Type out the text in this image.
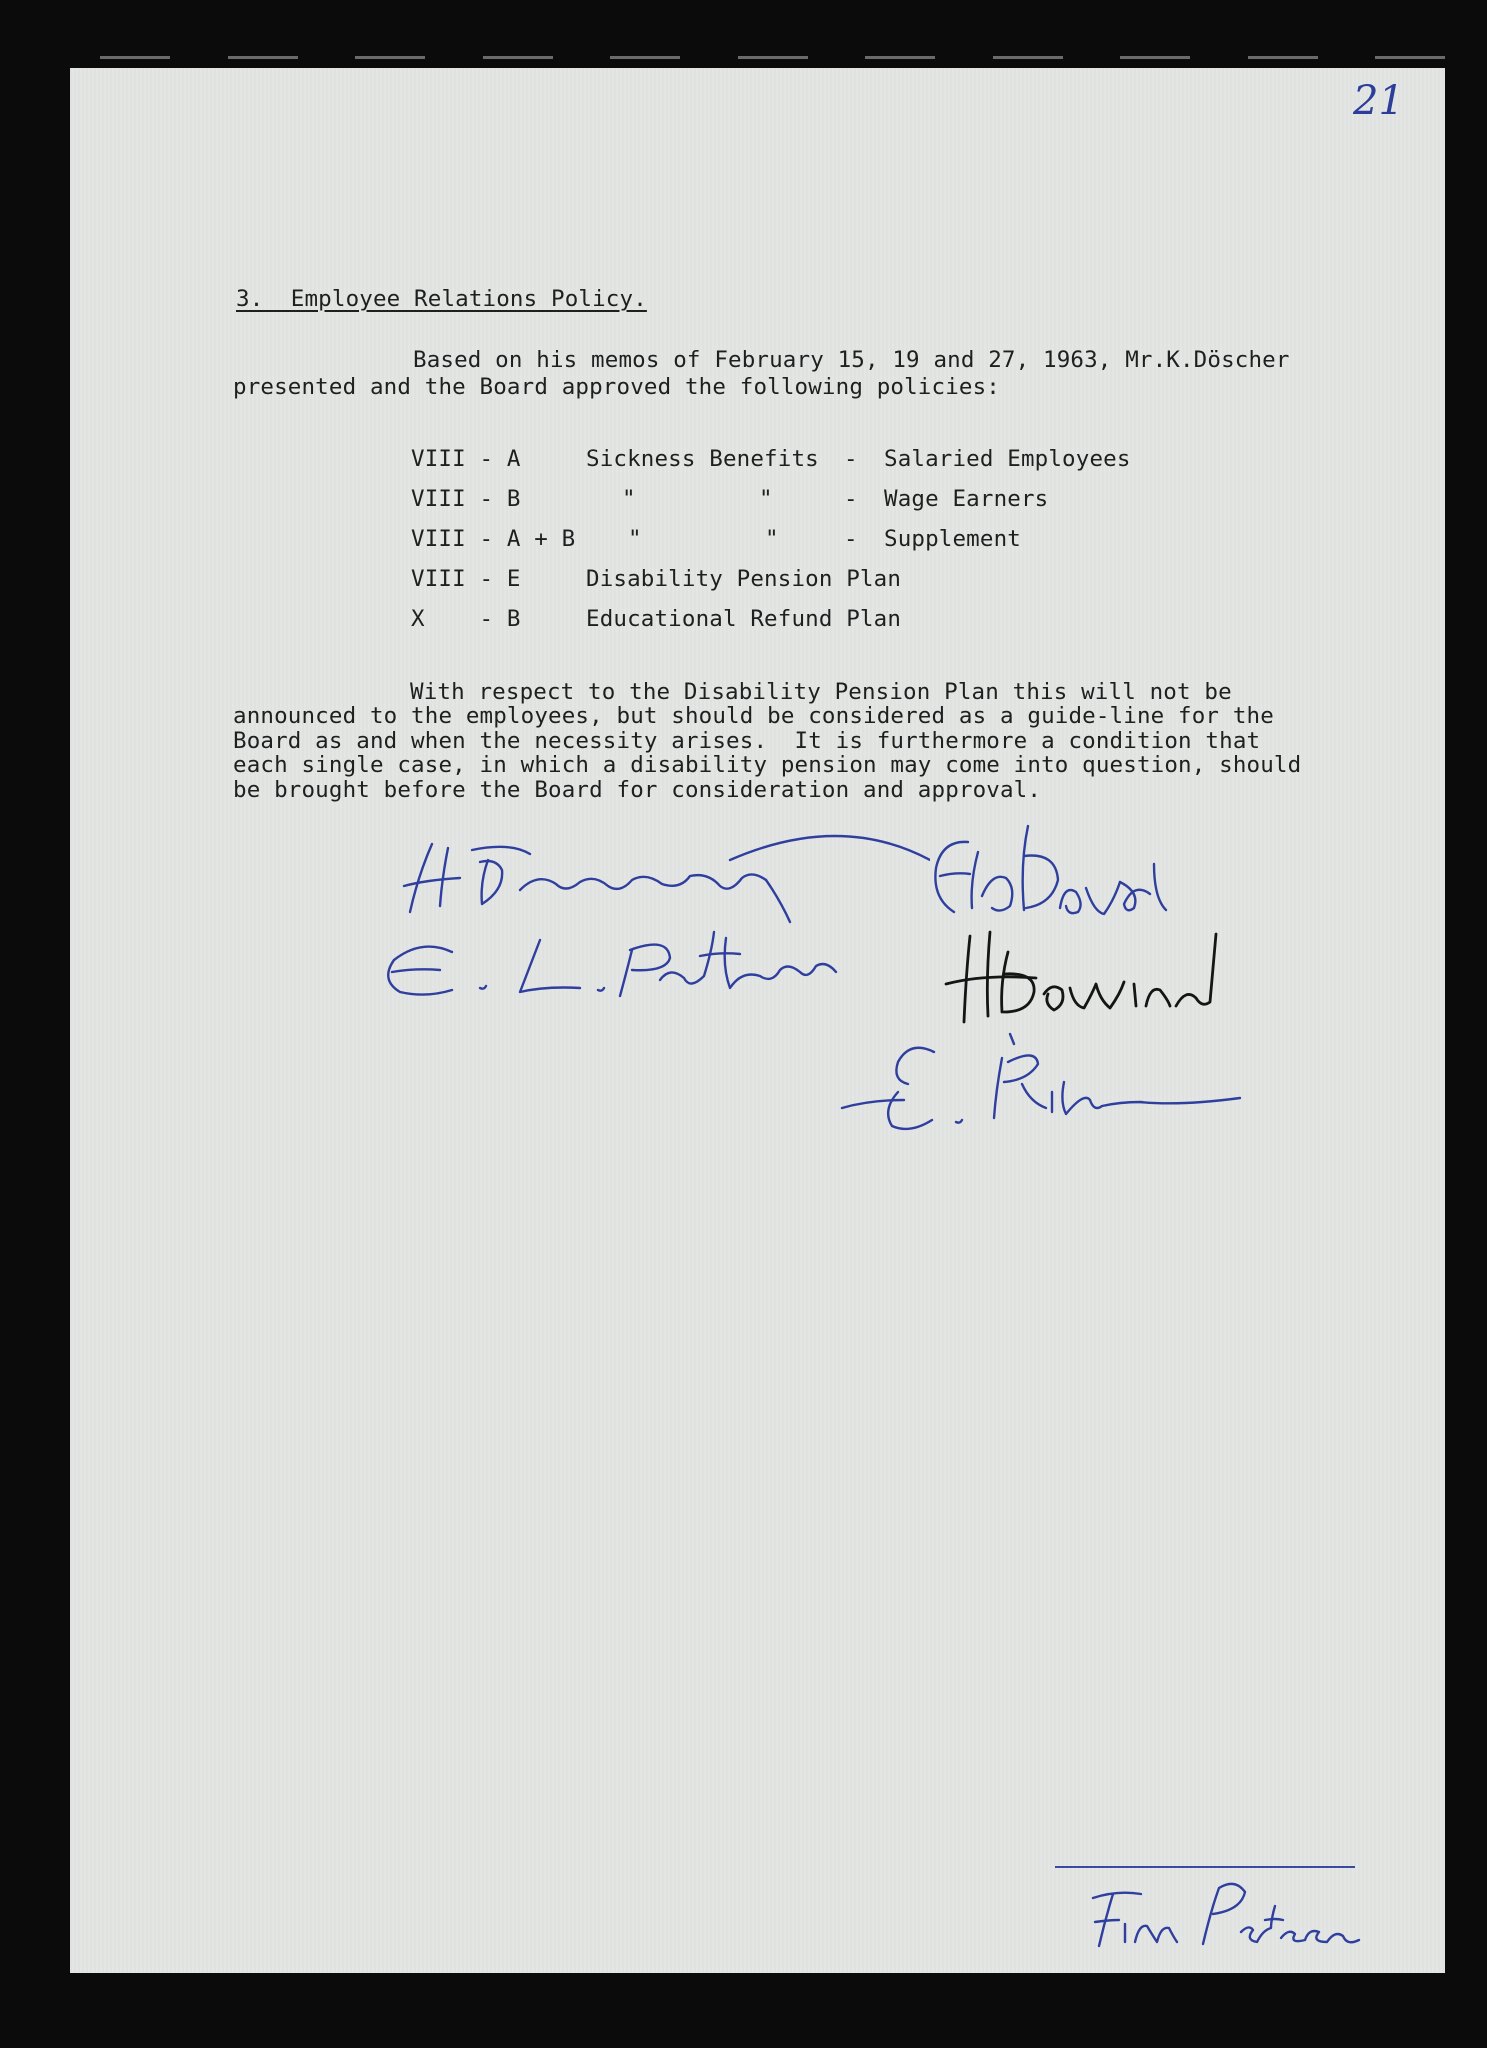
21
3.  Employee Relations Policy.
Based on his memos of February 15, 19 and 27, 1963, Mr.K.Döscher
presented and the Board approved the following policies:
VIII - A	Sickness Benefits - Salaried Employees
VIII - B	"         "	- Wage Earners
VIII - A + B "         "	- Supplement
VIII - E	Disability Pension Plan
X    - B	Educational Refund Plan
With respect to the Disability Pension Plan this will not be
announced to the employees, but should be considered as a guide-line for the
Board as and when the necessity arises.  It is furthermore a condition that
each single case, in which a disability pension may come into question, should
be brought before the Board for consideration and approval.
